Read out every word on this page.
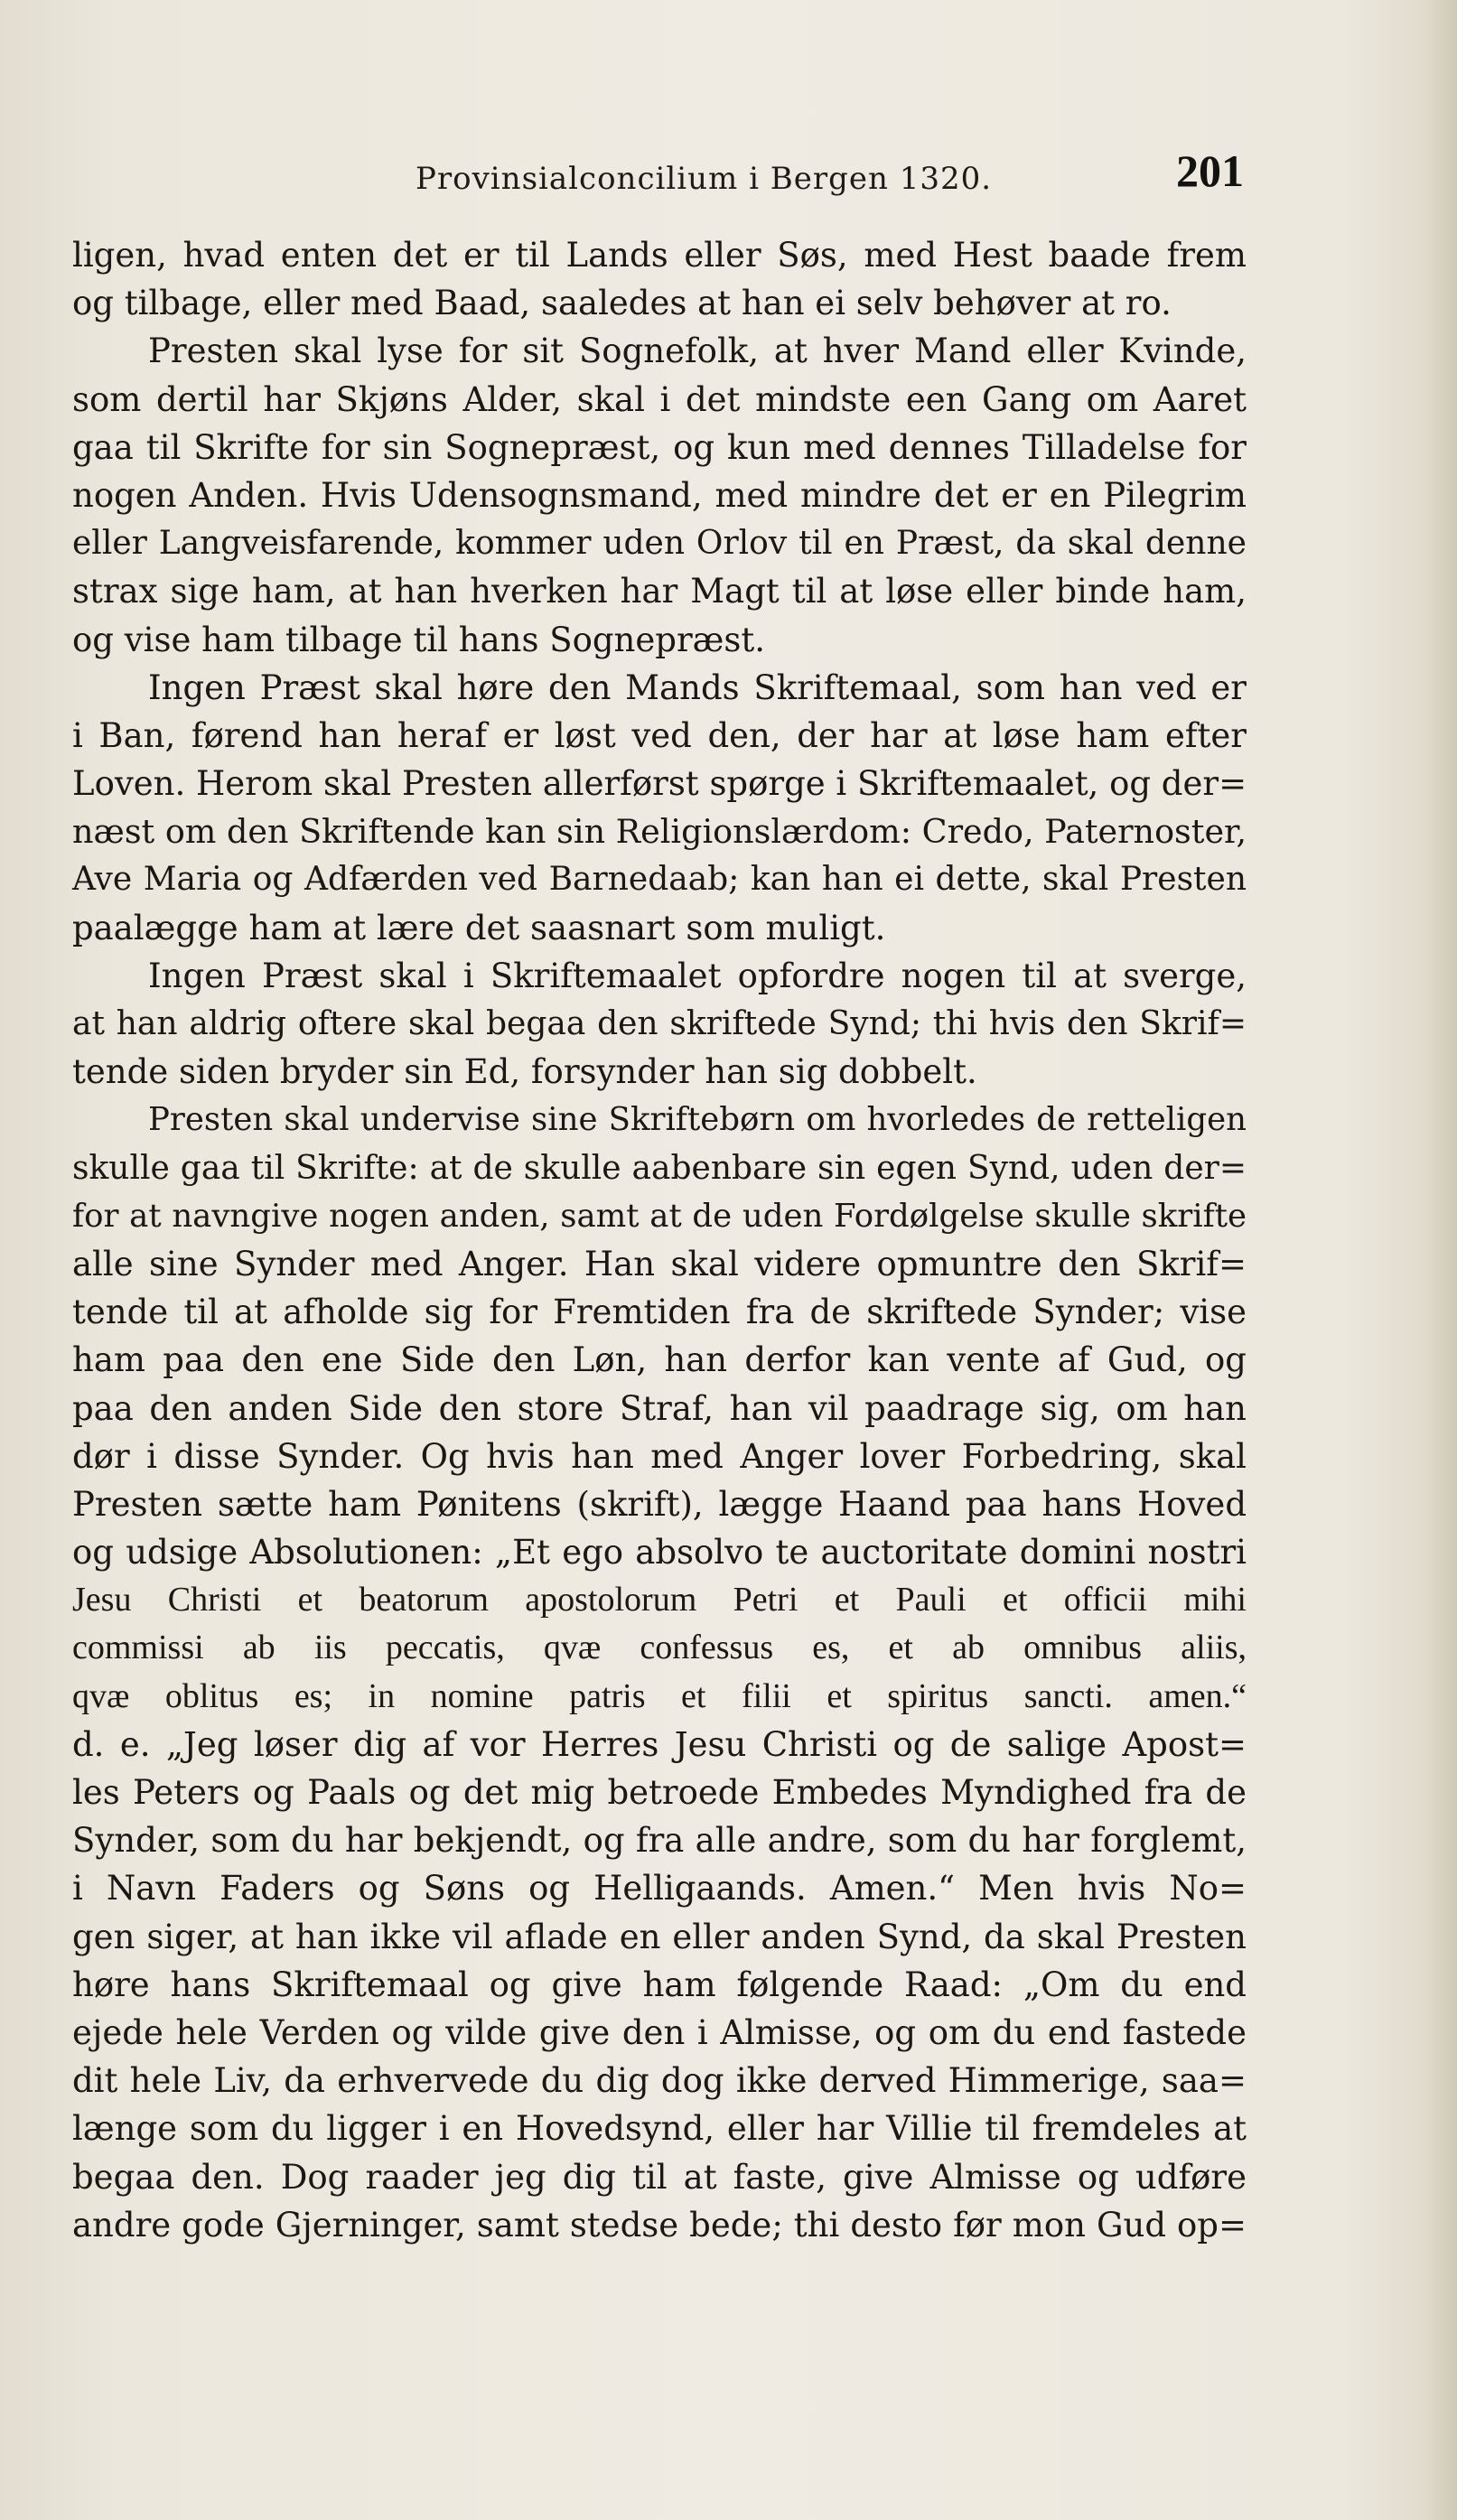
Provinsialconcilium i Bergen 1320.	201
ligen, hvad enten det er til Lands eller Søs, med Hest baade frem
og tilbage, eller med Baad, saaledes at han ei selv behøver at ro.
Presten skal lyse for sit Sognefolk, at hver Mand eller Kvinde,
som dertil har Skjøns Alder, skal i det mindste een Gang om Aaret
gaa til Skrifte for sin Sognepræst, og kun med dennes Tilladelse for
nogen Anden. Hvis Udensognsmand, med mindre det er en Pilegrim
eller Langveisfarende, kommer uden Orlov til en Præst, da skal denne
strax sige ham, at han hverken har Magt til at løse eller binde ham,
og vise ham tilbage til hans Sognepræst.
Ingen Præst skal høre den Mands Skriftemaal, som han ved er
i Ban, førend han heraf er løst ved den, der har at løse ham efter
Loven. Herom skal Presten allerførst spørge i Skriftemaalet, og der=
næst om den Skriftende kan sin Religionslærdom: Credo, Paternoster,
Ave Maria og Adfærden ved Barnedaab; kan han ei dette, skal Presten
paalægge ham at lære det saasnart som muligt.
Ingen Præst skal i Skriftemaalet opfordre nogen til at sverge,
at han aldrig oftere skal begaa den skriftede Synd; thi hvis den Skrif=
tende siden bryder sin Ed, forsynder han sig dobbelt.
Presten skal undervise sine Skriftebørn om hvorledes de retteligen
skulle gaa til Skrifte: at de skulle aabenbare sin egen Synd, uden der=
for at navngive nogen anden, samt at de uden Fordølgelse skulle skrifte
alle sine Synder med Anger. Han skal videre opmuntre den Skrif=
tende til at afholde sig for Fremtiden fra de skriftede Synder; vise
ham paa den ene Side den Løn, han derfor kan vente af Gud, og
paa den anden Side den store Straf, han vil paadrage sig, om han
dør i disse Synder. Og hvis han med Anger lover Forbedring, skal
Presten sætte ham Pønitens (skrift), lægge Haand paa hans Hoved
og udsige Absolutionen: „Et ego absolvo te auctoritate domini nostri
Jesu Christi et beatorum apostolorum Petri et Pauli et officii mihi
commissi ab iis peccatis, qvæ confessus es, et ab omnibus aliis,
qvæ oblitus es; in nomine patris et filii et spiritus sancti. amen.“
d. e. „Jeg løser dig af vor Herres Jesu Christi og de salige Apost=
les Peters og Paals og det mig betroede Embedes Myndighed fra de
Synder, som du har bekjendt, og fra alle andre, som du har forglemt,
i Navn Faders og Søns og Helligaands. Amen.“ Men hvis No=
gen siger, at han ikke vil aflade en eller anden Synd, da skal Presten
høre hans Skriftemaal og give ham følgende Raad: „Om du end
ejede hele Verden og vilde give den i Almisse, og om du end fastede
dit hele Liv, da erhvervede du dig dog ikke derved Himmerige, saa=
længe som du ligger i en Hovedsynd, eller har Villie til fremdeles at
begaa den. Dog raader jeg dig til at faste, give Almisse og udføre
andre gode Gjerninger, samt stedse bede; thi desto før mon Gud op=
